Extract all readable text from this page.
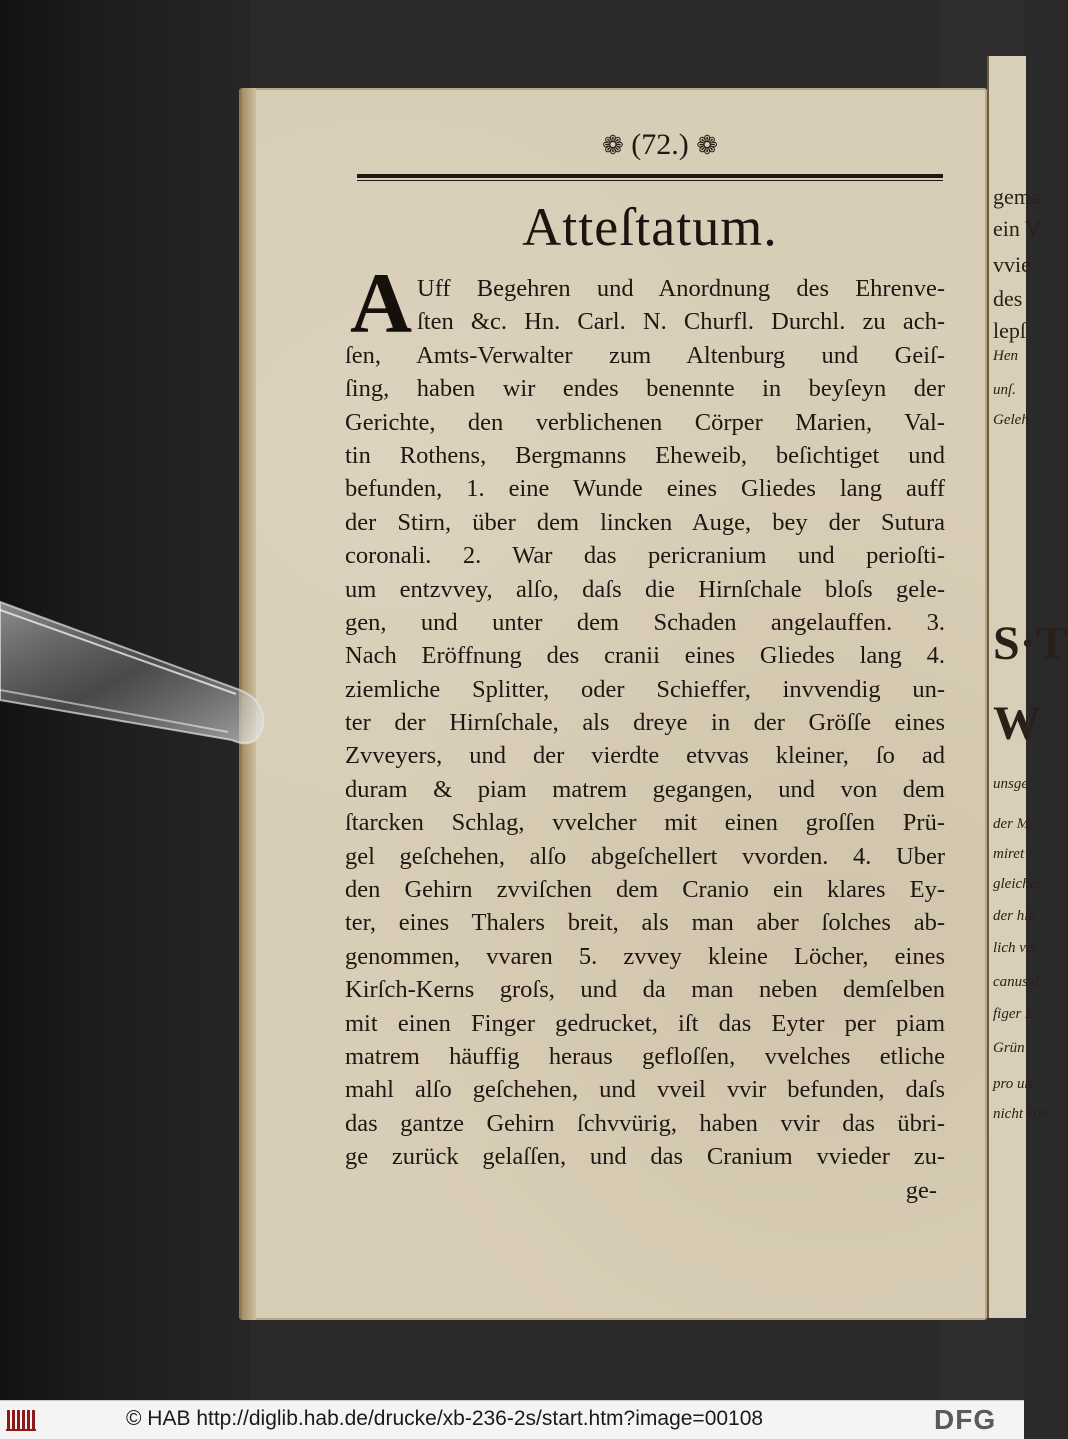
gema
ein V
vvie
des
lepſ
Hen
unſ.
Geleh
S·T
W
unsge
der M
miret
gleicher
der hie
lich ver
canus d
figer E
Grün
pro un
nicht kön
❁ (72.) ❁
Atteſtatum.
A Uff Begehren und Anordnung des Ehrenve-
ſten &c. Hn. Carl. N. Churfl. Durchl. zu ach-
ſen, Amts-Verwalter zum Altenburg und Geiſ-
ſing, haben wir endes benennte in beyſeyn der
Gerichte, den verblichenen Cörper Marien, Val-
tin Rothens, Bergmanns Eheweib, beſichtiget und
befunden, 1. eine Wunde eines Gliedes lang auff
der Stirn, über dem lincken Auge, bey der Sutura
coronali. 2. War das pericranium und perioſti-
um entzvvey, alſo, daſs die Hirnſchale bloſs gele-
gen, und unter dem Schaden angelauffen. 3.
Nach Eröffnung des cranii eines Gliedes lang 4.
ziemliche Splitter, oder Schieffer, invvendig un-
ter der Hirnſchale, als dreye in der Gröſſe eines
Zvveyers, und der vierdte etvvas kleiner, ſo ad
duram & piam matrem gegangen, und von dem
ſtarcken Schlag, vvelcher mit einen groſſen Prü-
gel geſchehen, alſo abgeſchellert vvorden. 4. Uber
den Gehirn zvviſchen dem Cranio ein klares Ey-
ter, eines Thalers breit, als man aber ſolches ab-
genommen, vvaren 5. zvvey kleine Löcher, eines
Kirſch-Kerns groſs, und da man neben demſelben
mit einen Finger gedrucket, iſt das Eyter per piam
matrem häuffig heraus gefloſſen, vvelches etliche
mahl alſo geſchehen, und vveil vvir befunden, daſs
das gantze Gehirn ſchvvürig, haben vvir das übri-
ge zurück gelaſſen, und das Cranium vvieder zu-
ge-
© HAB http://diglib.hab.de/drucke/xb-236-2s/start.htm?image=00108	DFG
